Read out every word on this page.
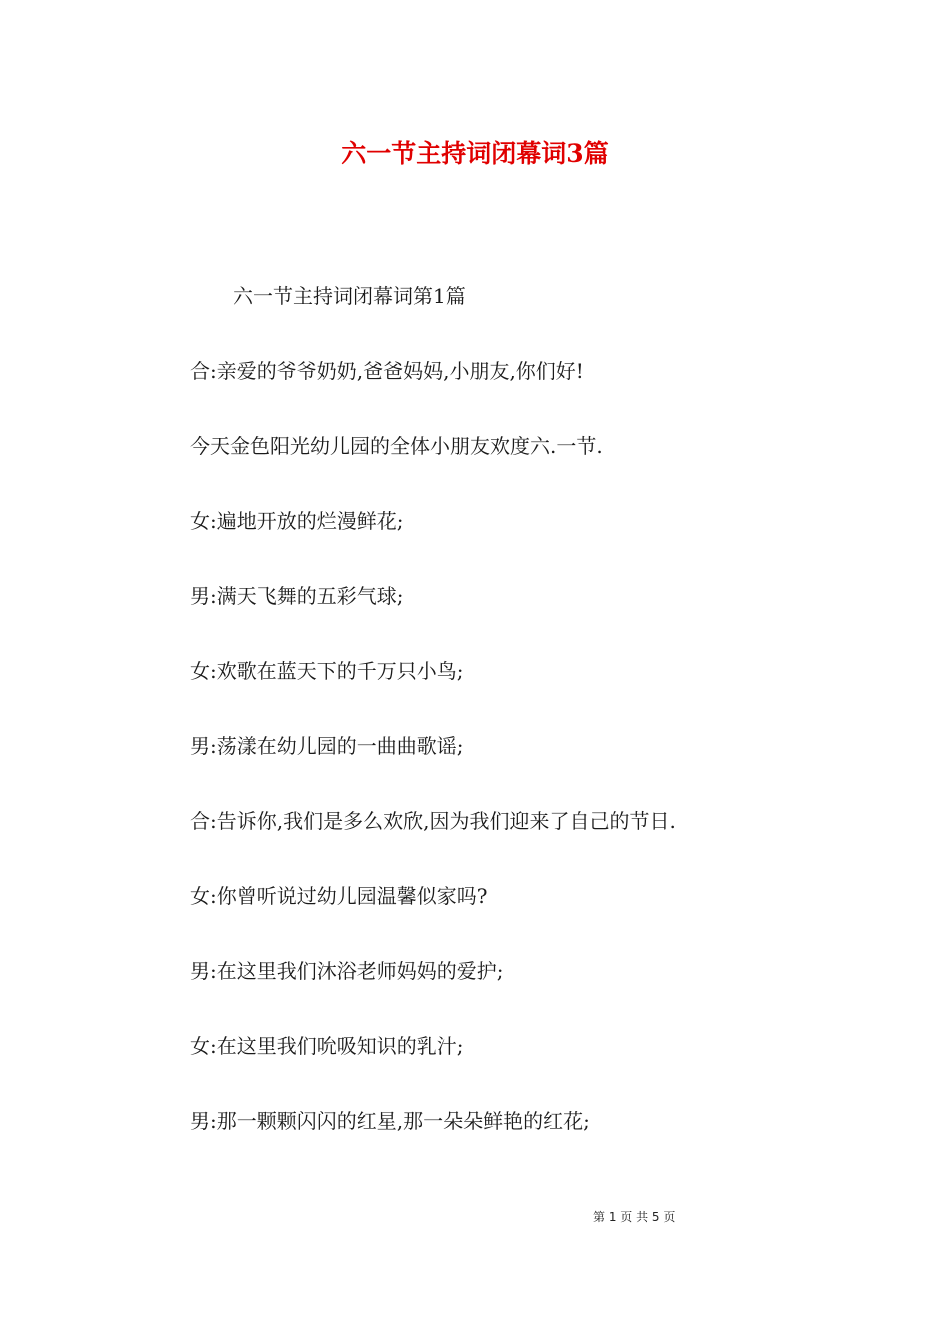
六一节主持词闭幕词3篇
六一节主持词闭幕词第1篇
合:亲爱的爷爷奶奶,爸爸妈妈,小朋友,你们好!
今天金色阳光幼儿园的全体小朋友欢度六.一节.
女:遍地开放的烂漫鲜花;
男:满天飞舞的五彩气球;
女:欢歌在蓝天下的千万只小鸟;
男:荡漾在幼儿园的一曲曲歌谣;
合:告诉你,我们是多么欢欣,因为我们迎来了自己的节日.
女:你曾听说过幼儿园温馨似家吗?
男:在这里我们沐浴老师妈妈的爱护;
女:在这里我们吮吸知识的乳汁;
男:那一颗颗闪闪的红星,那一朵朵鲜艳的红花;
第 1 页 共 5 页
